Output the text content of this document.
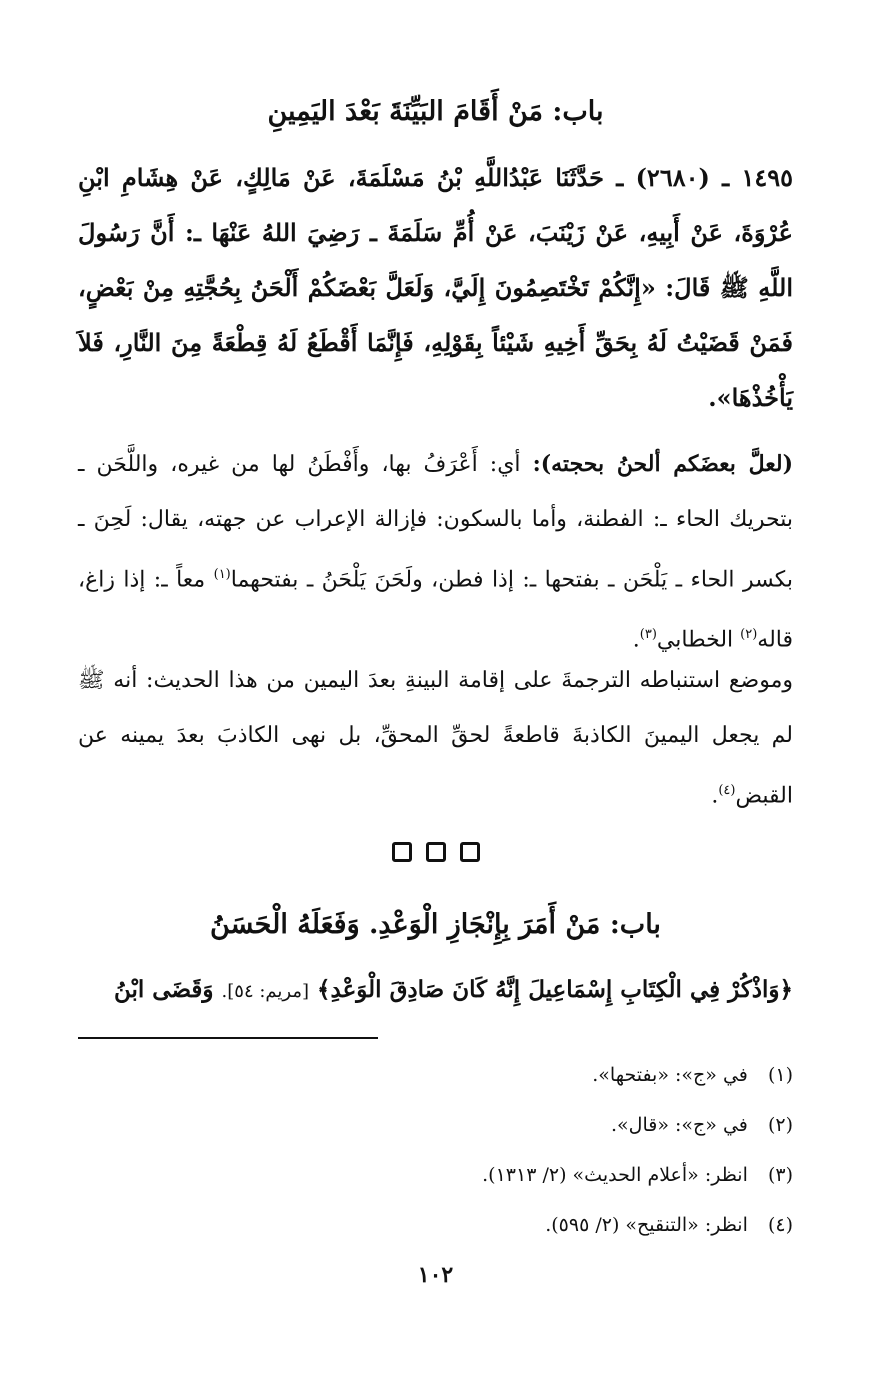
باب: مَنْ أَقَامَ البَيِّنَةَ بَعْدَ اليَمِينِ

١٤٩٥ ـ (٢٦٨٠) ـ حَدَّثَنَا عَبْدُاللَّهِ بْنُ مَسْلَمَةَ، عَنْ مَالِكٍ، عَنْ هِشَامِ ابْنِ عُرْوَةَ، عَنْ أَبِيهِ، عَنْ زَيْنَبَ، عَنْ أُمِّ سَلَمَةَ ـ رَضِيَ اللهُ عَنْهَا ـ: أَنَّ رَسُولَ اللَّهِ ﷺ قَالَ: «إِنَّكُمْ تَخْتَصِمُونَ إِلَيَّ، وَلَعَلَّ بَعْضَكُمْ أَلْحَنُ بِحُجَّتِهِ مِنْ بَعْضٍ، فَمَنْ قَضَيْتُ لَهُ بِحَقِّ أَخِيهِ شَيْئاً بِقَوْلِهِ، فَإِنَّمَا أَقْطَعُ لَهُ قِطْعَةً مِنَ النَّارِ، فَلاَ يَأْخُذْهَا».

(لعلَّ بعضَكم ألحنُ بحجته): أي: أَعْرَفُ بها، وأَفْطَنُ لها من غيره، واللَّحَن ـ بتحريك الحاء ـ: الفطنة، وأما بالسكون: فإزالة الإعراب عن جهته، يقال: لَحِنَ ـ بكسر الحاء ـ يَلْحَن ـ بفتحها ـ: إذا فطن، ولَحَنَ يَلْحَنُ ـ بفتحهما$^{(١)}$ معاً ـ: إذا زاغ، قاله$^{(٢)}$ الخطابي$^{(٣)}$.

وموضع استنباطه الترجمةَ على إقامة البينةِ بعدَ اليمين من هذا الحديث: أنه ﷺ لم يجعل اليمينَ الكاذبةَ قاطعةً لحقِّ المحقِّ، بل نهى الكاذبَ بعدَ يمينه عن القبض$^{(٤)}$.

باب: مَنْ أَمَرَ بِإِنْجَازِ الْوَعْدِ. وَفَعَلَهُ الْحَسَنُ

﴿وَاذْكُرْ فِي الْكِتَابِ إِسْمَاعِيلَ إِنَّهُ كَانَ صَادِقَ الْوَعْدِ﴾ [مريم: ٥٤]. وَقَضَى ابْنُ

(١) في «ج»: «بفتحها».
(٢) في «ج»: «قال».
(٣) انظر: «أعلام الحديث» (٢/ ١٣١٣).
(٤) انظر: «التنقيح» (٢/ ٥٩٥).
١٠٢
